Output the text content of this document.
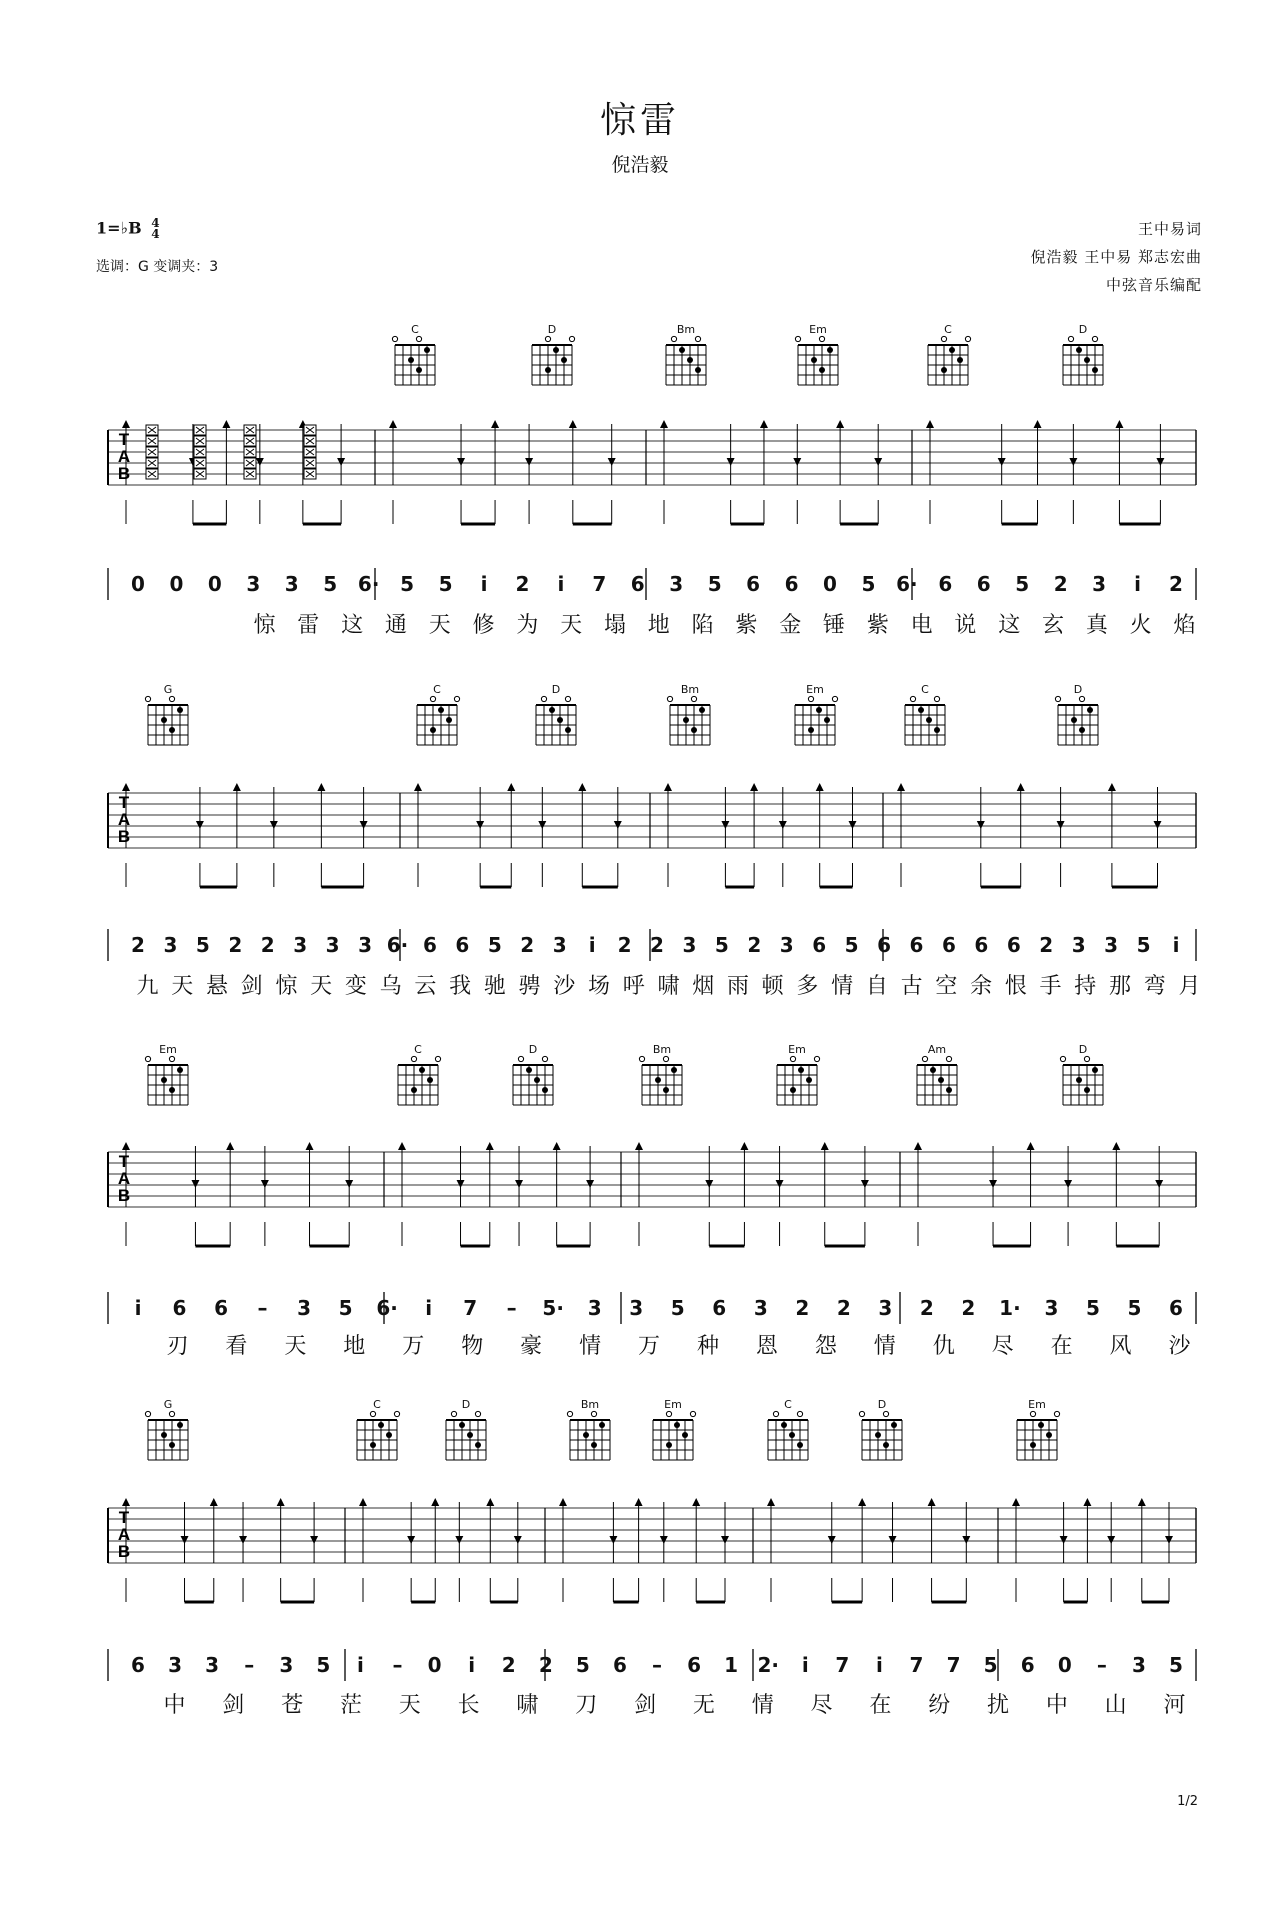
惊雷
倪浩毅
王中易词
倪浩毅 王中易 郑志宏曲
中弦音乐编配
1=♭B 4
4
选调：G 变调夹：3
1/2
T
A
B
T
A
B
T
A
B
T
A
B
C	D	Bm	Em	C	D
0 0 0 3 3 5 6· 5 5 i 2 i 7 6 3 5 6 6 0 5 6· 6 6 5 2 3 i 2
惊 雷 这 通 天 修 为 天 塌 地 陷 紫 金 锤 紫 电 说 这 玄 真 火 焰
G	C	D	Bm	Em	C	D
2 3 5 2 2 3 3 3 6· 6 6 5 2 3 i 2 2 3 5 2 3 6 5 6 6 6 6 6 2 3 3 5 i
九 天 悬 剑 惊 天 变 乌 云 我 驰 骋 沙 场 呼 啸 烟 雨 顿 多 情 自 古 空 余 恨 手 持 那 弯 月
Em	C	D	Bm	Em	Am	D
i 6 6 – 3 5 6· i 7 – 5· 3 3 5 6 3 2 2 3 2 2 1· 3 5 5 6
刃 看 天 地 万 物 豪 情 万 种 恩 怨 情 仇 尽 在 风 沙
G	C	D	Bm	Em	C	D	Em
6 3 3 – 3 5 i – 0 i 2 2 5 6 – 6 1 2· i 7 i 7 7 5 6 0 – 3 5
中 剑 苍 茫 天 长 啸 刀 剑 无 情 尽 在 纷 扰 中 山 河
